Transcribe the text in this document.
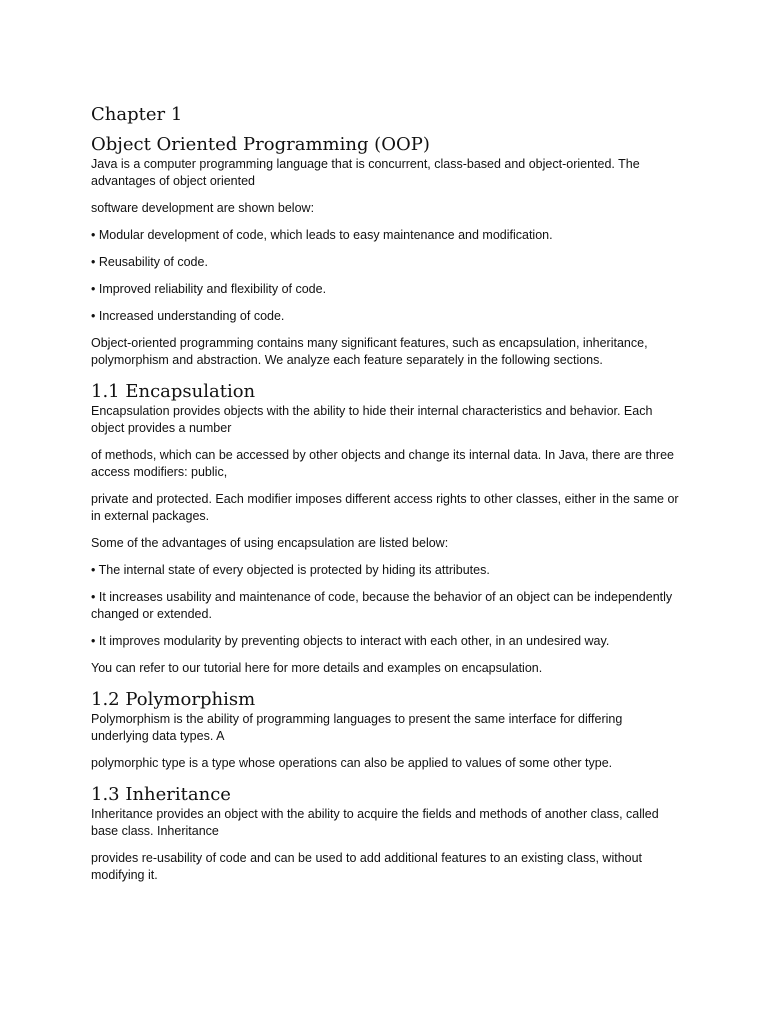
Chapter 1
Object Oriented Programming (OOP)

Java is a computer programming language that is concurrent, class-based and object-oriented. The advantages of object oriented

software development are shown below:

• Modular development of code, which leads to easy maintenance and modification.

• Reusability of code.

• Improved reliability and flexibility of code.

• Increased understanding of code.

Object-oriented programming contains many significant features, such as encapsulation, inheritance, polymorphism and abstraction. We analyze each feature separately in the following sections.

1.1 Encapsulation

Encapsulation provides objects with the ability to hide their internal characteristics and behavior. Each object provides a number

of methods, which can be accessed by other objects and change its internal data. In Java, there are three access modifiers: public,

private and protected. Each modifier imposes different access rights to other classes, either in the same or in external packages.

Some of the advantages of using encapsulation are listed below:

• The internal state of every objected is protected by hiding its attributes.

• It increases usability and maintenance of code, because the behavior of an object can be independently changed or extended.

• It improves modularity by preventing objects to interact with each other, in an undesired way.

You can refer to our tutorial here for more details and examples on encapsulation.

1.2 Polymorphism

Polymorphism is the ability of programming languages to present the same interface for differing underlying data types. A

polymorphic type is a type whose operations can also be applied to values of some other type.

1.3 Inheritance

Inheritance provides an object with the ability to acquire the fields and methods of another class, called base class. Inheritance

provides re-usability of code and can be used to add additional features to an existing class, without modifying it.
